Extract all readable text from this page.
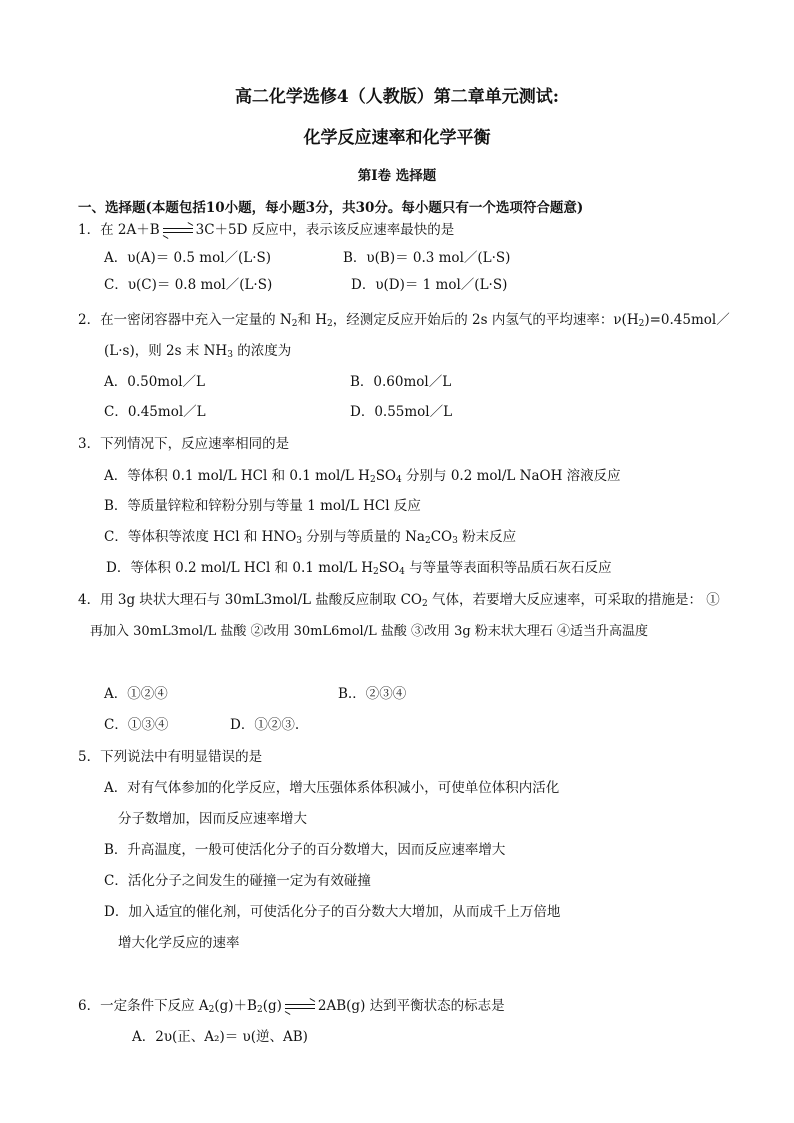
高二化学选修4（人教版）第二章单元测试:
化学反应速率和化学平衡
第Ⅰ卷 选择题
一、选择题(本题包括10小题，每小题3分，共30分。每小题只有一个选项符合题意)
1．在 2A＋B	3C＋5D 反应中，表示该反应速率最快的是
A．υ(A)＝ 0.5 mol／(L·S)	B．υ(B)＝ 0.3 mol／(L·S)
C．υ(C)＝ 0.8 mol／(L·S)	D．υ(D)＝ 1 mol／(L·S)
2．在一密闭容器中充入一定量的 $N_2$和 $H_2$，经测定反应开始后的 2s 内氢气的平均速率：$\nu(H_2)=0.45mol/$
(L·s)，则 2s 末 $NH_3$ 的浓度为
A．0.50mol／L	B．0.60mol／L
C．0.45mol／L	D．0.55mol／L
3．下列情况下，反应速率相同的是
A．等体积 0.1 mol/L HCl 和 0.1 mol/L $H_2SO_4$ 分别与 0.2 mol/L NaOH 溶液反应
B．等质量锌粒和锌粉分别与等量 1 mol/L HCl 反应
C．等体积等浓度 HCl 和 $HNO_3$ 分别与等质量的 $Na_2CO_3$ 粉末反应
D．等体积 0.2 mol/L HCl 和 0.1 mol/L $H_2SO_4$ 与等量等表面积等品质石灰石反应
4．用 3g 块状大理石与 30mL3mol/L 盐酸反应制取 $CO_2$ 气体，若要增大反应速率，可采取的措施是： ①
再加入 30mL3mol/L 盐酸 ②改用 30mL6mol/L 盐酸 ③改用 3g 粉末状大理石 ④适当升高温度
A．①②④	B.．②③④
C．①③④	D．①②③.
5．下列说法中有明显错误的是
A．对有气体参加的化学反应，增大压强体系体积减小，可使单位体积内活化
分子数增加，因而反应速率增大
B．升高温度，一般可使活化分子的百分数增大，因而反应速率增大
C．活化分子之间发生的碰撞一定为有效碰撞
D．加入适宜的催化剂，可使活化分子的百分数大大增加，从而成千上万倍地
增大化学反应的速率
6．一定条件下反应 $A_2(g)+B_2(g)$	2AB(g) 达到平衡状态的标志是
A．2υ(正、A₂)＝ υ(逆、AB)
